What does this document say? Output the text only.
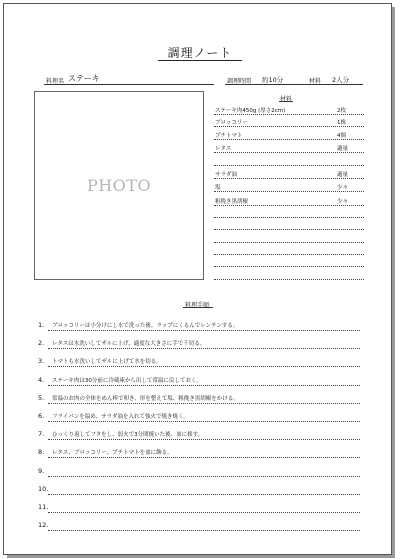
調理ノート
料理名 ステーキ	調理時間 約10分	材料 2人分
PHOTO
材料
ステーキ肉450g (厚さ2cm)	2枚
ブロッコリー	1株
プチトマト	4個
レタス	適量
サラダ油	適量
塩	少々
粗挽き黒胡椒	少々
料理手順
1. ブロッコリーは小分けにし水で洗った後、ラップにくるんでレンチンする。
2. レタスは水洗いしてザルに上げ、適度な大きさに手で千切る。
3. トマトも水洗いしてザルに上げて水を切る。
4. ステーキ肉は30分前に冷蔵庫から出して常温に戻しておく。
5. 常温のお肉の全体をめん棒で叩き、形を整えて塩、粗挽き黒胡椒をかける。
6. フライパンを温め、サラダ油を入れて強火で焼き焼く。
7. ひっくり返してフタをし、弱火で3分間焼いた後、皿に移す。
8. レタス、ブロッコリー、プチトマトを皿に飾る。
9.
10.
11.
12.
